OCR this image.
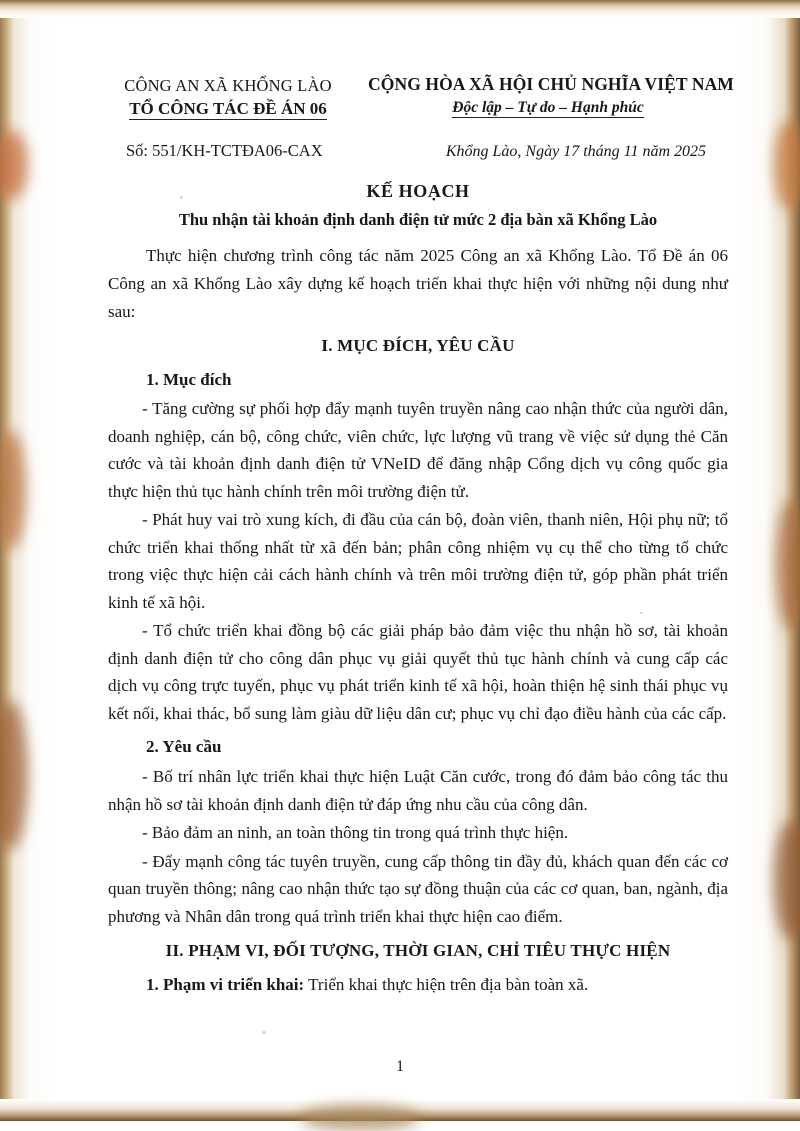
CÔNG AN XÃ KHỔNG LÀO
TỔ CÔNG TÁC ĐỀ ÁN 06
CỘNG HÒA XÃ HỘI CHỦ NGHĨA VIỆT NAM
Độc lập – Tự do – Hạnh phúc
Số: 551/KH-TCTĐA06-CAX	Khổng Lào, Ngày 17 tháng 11 năm 2025
KẾ HOẠCH
Thu nhận tài khoản định danh điện tử mức 2 địa bàn xã Khổng Lào

Thực hiện chương trình công tác năm 2025 Công an xã Khổng Lào. Tổ Đề án 06 Công an xã Khổng Lào xây dựng kế hoạch triển khai thực hiện với những nội dung như sau:

I. MỤC ĐÍCH, YÊU CẦU

1. Mục đích

- Tăng cường sự phối hợp đẩy mạnh tuyên truyền nâng cao nhận thức của người dân, doanh nghiệp, cán bộ, công chức, viên chức, lực lượng vũ trang về việc sử dụng thẻ Căn cước và tài khoản định danh điện tử VNeID để đăng nhập Cổng dịch vụ công quốc gia thực hiện thủ tục hành chính trên môi trường điện tử.

- Phát huy vai trò xung kích, đi đầu của cán bộ, đoàn viên, thanh niên, Hội phụ nữ; tổ chức triển khai thống nhất từ xã đến bản; phân công nhiệm vụ cụ thể cho từng tổ chức trong việc thực hiện cải cách hành chính và trên môi trường điện tử, góp phần phát triển kinh tế xã hội.

- Tổ chức triển khai đồng bộ các giải pháp bảo đảm việc thu nhận hồ sơ, tài khoản định danh điện tử cho công dân phục vụ giải quyết thủ tục hành chính và cung cấp các dịch vụ công trực tuyến, phục vụ phát triển kinh tế xã hội, hoàn thiện hệ sinh thái phục vụ kết nối, khai thác, bổ sung làm giàu dữ liệu dân cư; phục vụ chỉ đạo điều hành của các cấp.

2. Yêu cầu

- Bố trí nhân lực triển khai thực hiện Luật Căn cước, trong đó đảm bảo công tác thu nhận hồ sơ tài khoản định danh điện tử đáp ứng nhu cầu của công dân.

- Bảo đảm an ninh, an toàn thông tin trong quá trình thực hiện.

- Đẩy mạnh công tác tuyên truyền, cung cấp thông tin đầy đủ, khách quan đến các cơ quan truyền thông; nâng cao nhận thức tạo sự đồng thuận của các cơ quan, ban, ngành, địa phương và Nhân dân trong quá trình triển khai thực hiện cao điểm.

II. PHẠM VI, ĐỐI TƯỢNG, THỜI GIAN, CHỈ TIÊU THỰC HIỆN

1. Phạm vi triển khai: Triển khai thực hiện trên địa bàn toàn xã.

1
